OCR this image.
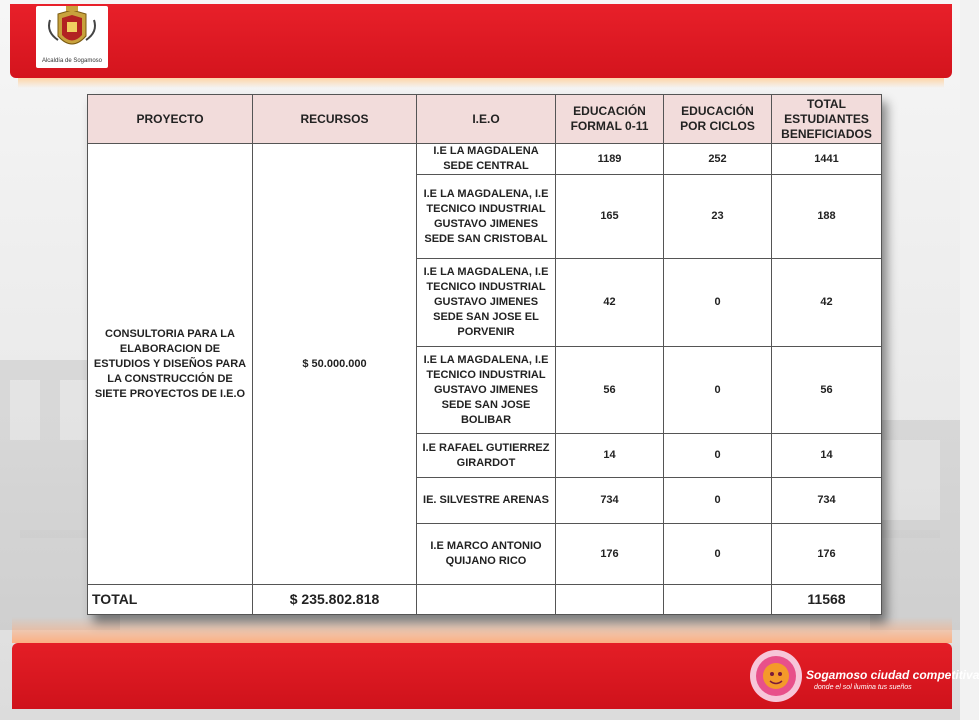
Alcaldía de Sogamoso
Sogamoso ciudad competitiva
donde el sol ilumina tus sueños
PROYECTO	RECURSOS	I.E.O	EDUCACIÓN FORMAL 0-11	EDUCACIÓN POR CICLOS	TOTAL ESTUDIANTES BENEFICIADOS
CONSULTORIA PARA LA ELABORACION DE ESTUDIOS Y DISEÑOS PARA LA CONSTRUCCIÓN DE SIETE PROYECTOS DE I.E.O	$ 50.000.000	I.E LA MAGDALENA SEDE CENTRAL	1189	252	1441
		I.E LA MAGDALENA, I.E TECNICO INDUSTRIAL GUSTAVO JIMENES SEDE SAN CRISTOBAL	165	23	188
		I.E LA MAGDALENA, I.E TECNICO INDUSTRIAL GUSTAVO JIMENES SEDE SAN JOSE EL PORVENIR	42	0	42
		I.E LA MAGDALENA, I.E TECNICO INDUSTRIAL GUSTAVO JIMENES SEDE SAN JOSE BOLIBAR	56	0	56
		I.E RAFAEL GUTIERREZ GIRARDOT	14	0	14
		IE. SILVESTRE ARENAS	734	0	734
		I.E MARCO ANTONIO QUIJANO RICO	176	0	176
TOTAL	$ 235.802.818				11568
